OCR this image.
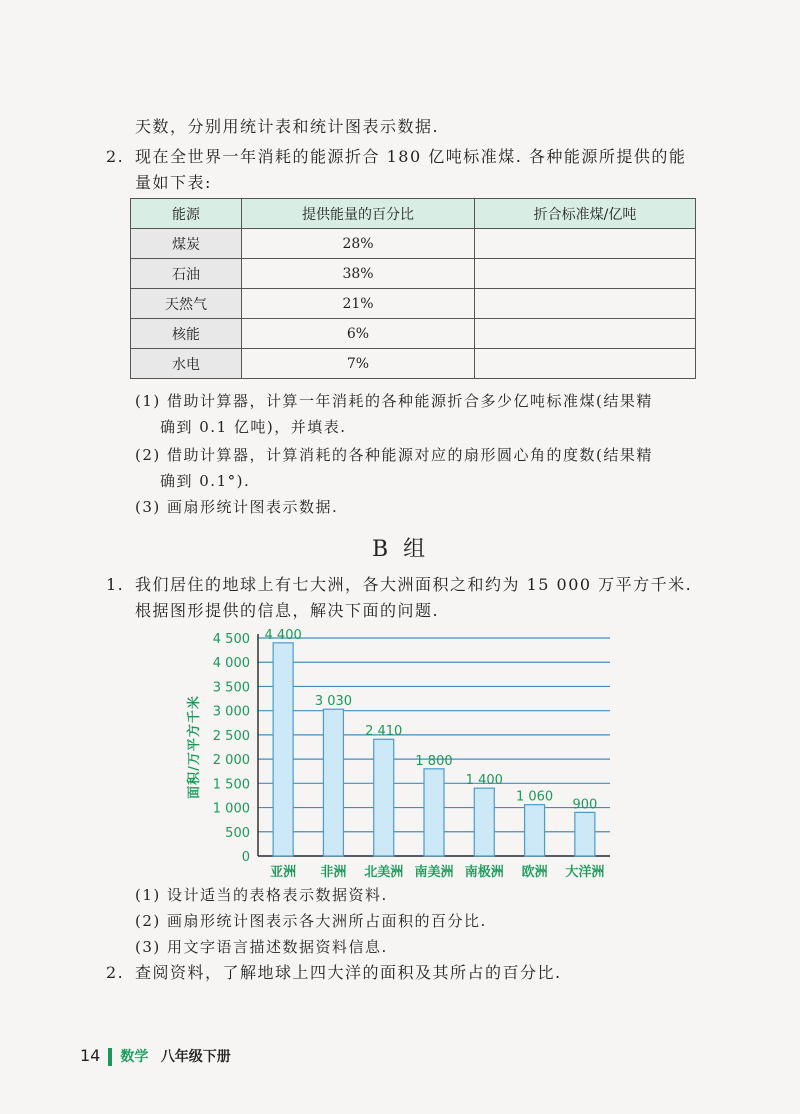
天数，分别用统计表和统计图表示数据.
2. 现在全世界一年消耗的能源折合 180 亿吨标准煤. 各种能源所提供的能
量如下表:
能源	提供能量的百分比	折合标准煤/亿吨
煤炭	28%	
石油	38%	
天然气	21%	
核能	6%	
水电	7%	
(1) 借助计算器，计算一年消耗的各种能源折合多少亿吨标准煤(结果精
确到 0.1 亿吨)，并填表.
(2) 借助计算器，计算消耗的各种能源对应的扇形圆心角的度数(结果精
确到 0.1°).
(3) 画扇形统计图表示数据.
B 组
1. 我们居住的地球上有七大洲，各大洲面积之和约为 15 000 万平方千米.
根据图形提供的信息，解决下面的问题.
0
500
1 000
1 500
2 000
2 500
3 000
3 500
4 000
4 500
面积/万平方千米
4 400
亚洲
3 030
非洲
2 410
北美洲
1 800
南美洲
1 400
南极洲
1 060
欧洲
900
大洋洲
(1) 设计适当的表格表示数据资料.
(2) 画扇形统计图表示各大洲所占面积的百分比.
(3) 用文字语言描述数据资料信息.
2. 查阅资料，了解地球上四大洋的面积及其所占的百分比.
14 数学 八年级下册
